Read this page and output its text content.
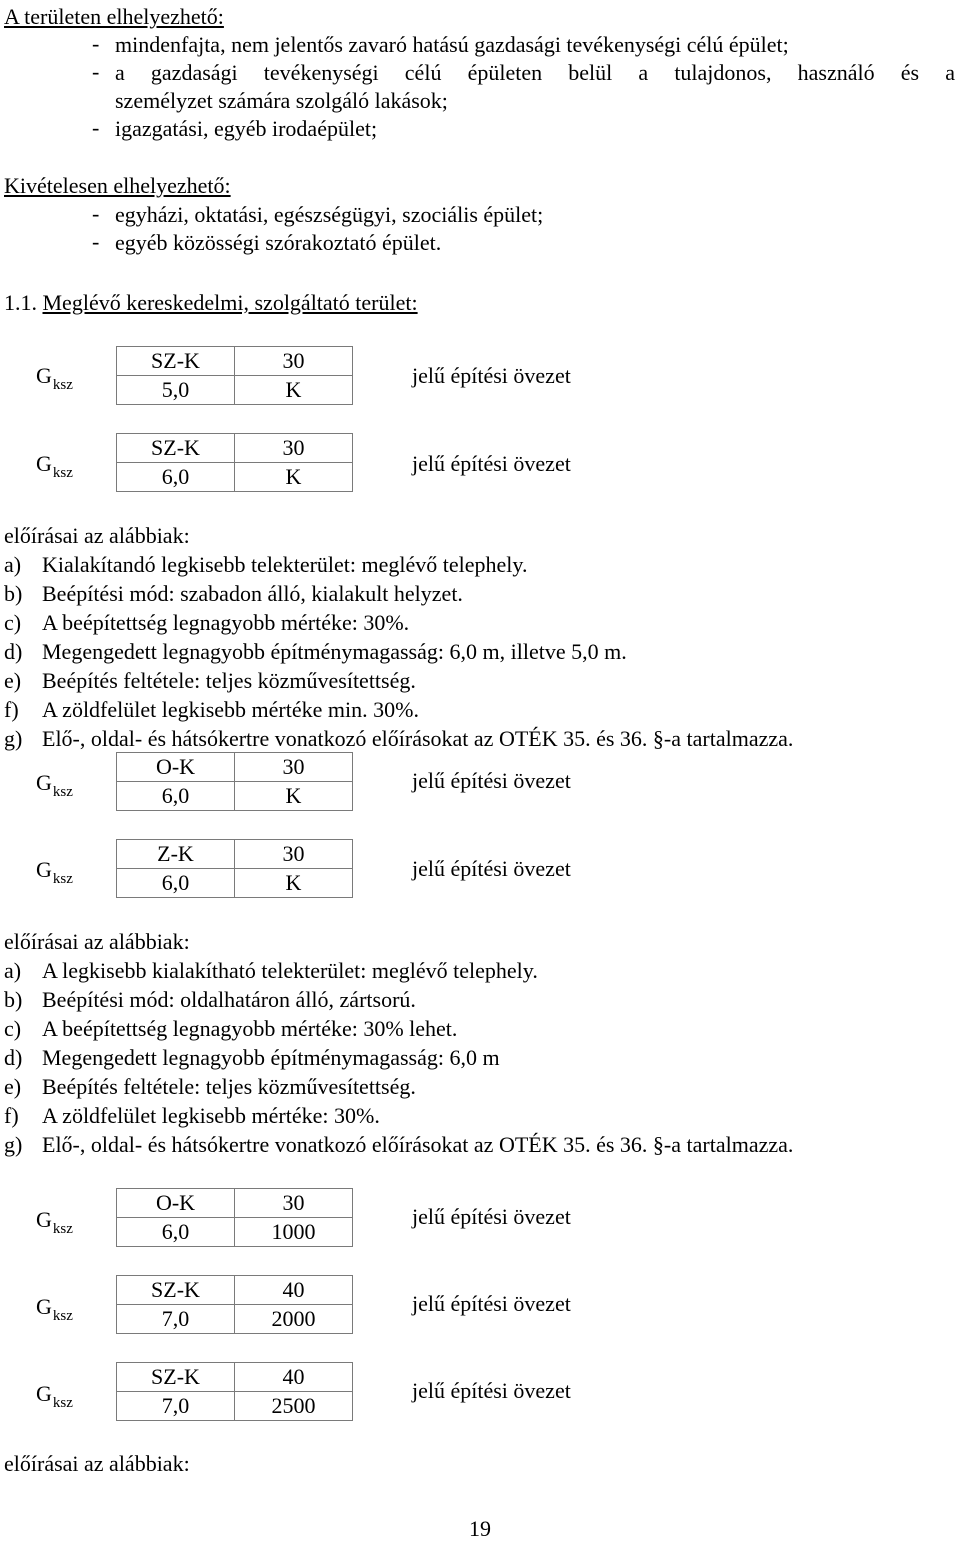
A területen elhelyezhető:
- mindenfajta, nem jelentős zavaró hatású gazdasági tevékenységi célú épület;
- a gazdasági tevékenységi célú épületen belül a tulajdonos, használó és a
személyzet számára szolgáló lakások;
- igazgatási, egyéb irodaépület;
Kivételesen elhelyezhető:
- egyházi, oktatási, egészségügyi, szociális épület;
- egyéb közösségi szórakoztató épület.
1.1. Meglévő kereskedelmi, szolgáltató terület:
$G_{ksz}$
SZ-K	30
5,0	K
jelű építési övezet
$G_{ksz}$
SZ-K	30
6,0	K
jelű építési övezet
előírásai az alábbiak:
a) Kialakítandó legkisebb telekterület: meglévő telephely.
b) Beépítési mód: szabadon álló, kialakult helyzet.
c) A beépítettség legnagyobb mértéke: 30%.
d) Megengedett legnagyobb építménymagasság: 6,0 m, illetve 5,0 m.
e) Beépítés feltétele: teljes közművesítettség.
f) A zöldfelület legkisebb mértéke min. 30%.
g) Elő-, oldal- és hátsókertre vonatkozó előírásokat az OTÉK 35. és 36. §-a tartalmazza.
$G_{ksz}$
O-K	30
6,0	K
jelű építési övezet
$G_{ksz}$
Z-K	30
6,0	K
jelű építési övezet
előírásai az alábbiak:
a) A legkisebb kialakítható telekterület: meglévő telephely.
b) Beépítési mód: oldalhatáron álló, zártsorú.
c) A beépítettség legnagyobb mértéke: 30% lehet.
d) Megengedett legnagyobb építménymagasság: 6,0 m
e) Beépítés feltétele: teljes közművesítettség.
f) A zöldfelület legkisebb mértéke: 30%.
g) Elő-, oldal- és hátsókertre vonatkozó előírásokat az OTÉK 35. és 36. §-a tartalmazza.
$G_{ksz}$
O-K	30
6,0	1000
jelű építési övezet
$G_{ksz}$
SZ-K	40
7,0	2000
jelű építési övezet
$G_{ksz}$
SZ-K	40
7,0	2500
jelű építési övezet
előírásai az alábbiak:
19
